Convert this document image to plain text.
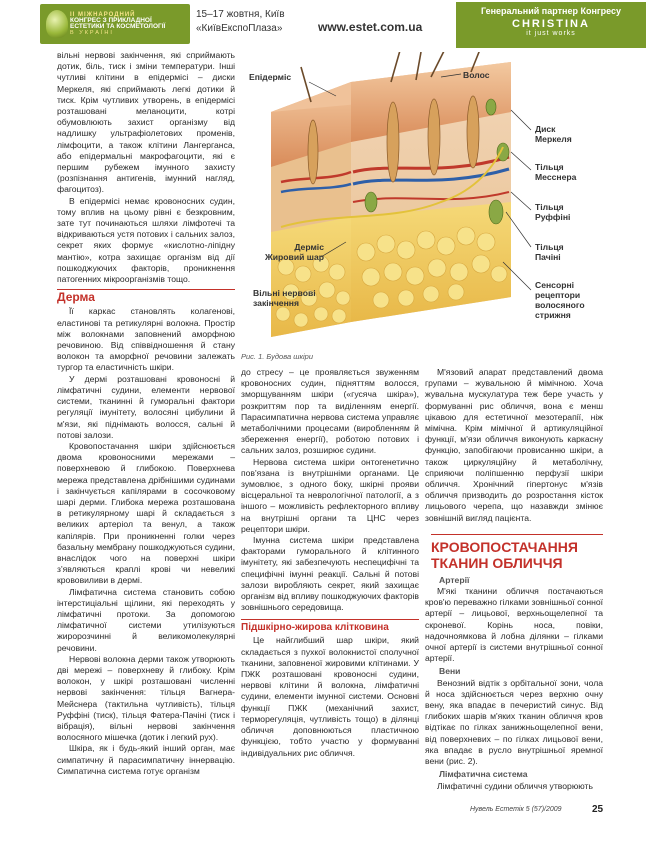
ІІ МІЖНАРОДНИЙ
КОНГРЕС З ПРИКЛАДНОЇ
ЕСТЕТИКИ ТА КОСМЕТОЛОГІЇ
В УКРАЇНІ
15–17 жовтня, Київ
«КиївЕкспоПлаза»	www.estet.com.ua
Генеральний партнер Конгресу
CHRISTINA
it just works

вільні нервові закінчення, які сприймають дотик, біль, тиск і зміни температури. Інші чутливі клітини в епідермісі – диски Меркеля, які сприймають легкі дотики й тиск. Крім чутливих утворень, в епідермісі розташовані меланоцити, котрі обумовлюють захист організму від надлишку ультрафіолетових променів, лімфоцити, а також клітини Лангерганса, або епідермальні макрофагоцити, які є першим рубежем імунного захисту (розпізнання антигенів, імунний нагляд, фагоцитоз).

В епідермісі немає кровоносних судин, тому вплив на цьому рівні є безкровним, зате тут починаються шляхи лімфотечі та відкриваються устя потових і сальних залоз, секрет яких формує «кислотно-ліпідну мантію», котра захищає організм від дії пошкоджуючих факторів, проникнення патогенних мікроорганізмів тощо.

Дерма

Її каркас становлять колагенові, еластинові та ретикулярні волокна. Простір між волокнами заповнений аморфною речовиною. Від співвідношення й стану волокон та аморфної речовини залежать тургор та еластичність шкіри.

У дермі розташовані кровоносні й лімфатичні судини, елементи нервової системи, тканинні й гуморальні фактори регуляції імунітету, волосяні цибулини й м'язи, які піднімають волосся, сальні й потові залози.

Кровопостачання шкіри здійснюється двома кровоносними мережами – поверхневою й глибокою. Поверхнева мережа представлена дрібнішими судинами і закінчується капілярами в сосочковому шарі дерми. Глибока мережа розташована в ретикулярному шарі й складається з великих артеріол та венул, а також капілярів. При проникненні голки через базальну мембрану пошкоджуються судини, внаслідок чого на поверхні шкіри з'являються краплі крові чи невеликі крововиливи в дермі.

Лімфатична система становить собою інтерстиціальні щілини, які переходять у лімфатичні протоки. За допомогою лімфатичної системи утилізуються жиророзчинні й великомолекулярні речовини.

Нервові волокна дерми також утворюють дві мережі – поверхневу й глибоку. Крім волокон, у шкірі розташовані численні нервові закінчення: тільця Вагнера-Мейснера (тактильна чутливість), тільця Руффіні (тиск), тільця Фатера-Пачіні (тиск і вібрація), вільні нервові закінчення волосяного мішечка (дотик і легкий рух).

Шкіра, як і будь-який інший орган, має симпатичну й парасимпатичну іннервацію. Симпатична система готує організм

Епідерміс	Волос
Диск
Меркеля
Тільця
Месснера
Тільця
Руффіні
Дерміс
Жировий шар
Тільця
Пачіні
Вільні нервові
закінчення
Сенсорні
рецептори
волосяного
стрижня
Рис. 1. Будова шкіри

до стресу – це проявляється звуженням кровоносних судин, підняттям волосся, зморщуванням шкіри («гусяча шкіра»), розкриттям пор та виділенням енергії. Парасимпатична нервова система управляє метаболічними процесами (виробленням й збереження енергії), роботою потових і сальних залоз, розширює судини.

Нервова система шкіри онтогенетично пов'язана із внутрішніми органами. Це зумовлює, з одного боку, шкірні прояви вісцеральної та неврологічної патології, а з іншого – можливість рефлекторного впливу на внутрішні органи та ЦНС через рецептори шкіри.

Імунна система шкіри представлена факторами гуморального й клітинного імунітету, які забезпечують неспецифічні та специфічні імунні реакції. Сальні й потові залози виробляють секрет, який захищає організм від впливу пошкоджуючих факторів зовнішнього середовища.

Підшкірно-жирова клітковина

Це найглибший шар шкіри, який складається з пухкої волокнистої сполучної тканини, заповненої жировими клітинами. У ПЖК розташовані кровоносні судини, нервові клітини й волокна, лімфатичні судини, елементи імунної системи. Основні функції ПЖК (механічний захист, терморегуляція, чутливість тощо) в ділянці обличчя доповнюються пластичною функцією, тобто участю у формуванні індивідуальних рис обличчя.

М'язовий апарат представлений двома групами – жувальною й мімічною. Хоча жувальна мускулатура теж бере участь у формуванні рис обличчя, вона є менш цікавою для естетичної мезотерапії, ніж мімічна. Крім мімічної й артикуляційної функції, м'язи обличчя виконують каркасну функцію, запобігаючи провисанню шкіри, а також циркуляційну й метаболічну, сприяючи поліпшенню перфузії шкіри обличчя. Хронічний гіпертонус м'язів обличчя призводить до розростання кісток лицьового черепа, що назавжди змінює зовнішній вигляд пацієнта.

КРОВОПОСТАЧАННЯ ТКАНИН ОБЛИЧЧЯ
Артерії

М'які тканини обличчя постачаються кров'ю переважно гілками зовнішньої сонної артерії – лицьової, верхньощелепної та скроневої. Корінь носа, повіки, надочноямкова й лобна ділянки – гілками очної артерії із системи внутрішньої сонної артерії.

Вени

Венозний відтік з орбітальної зони, чола й носа здійснюється через верхню очну вену, яка впадає в печеристий синус. Від глибоких шарів м'яких тканин обличчя кров відтікає по гілках занижньощелепної вени, від поверхневих – по гілках лицьової вени, яка впадає в русло внутрішньої яремної вени (рис. 2).

Лімфатична система

Лімфатичні судини обличчя утворюють

Нувель Естетік 5 (57)/2009	25
